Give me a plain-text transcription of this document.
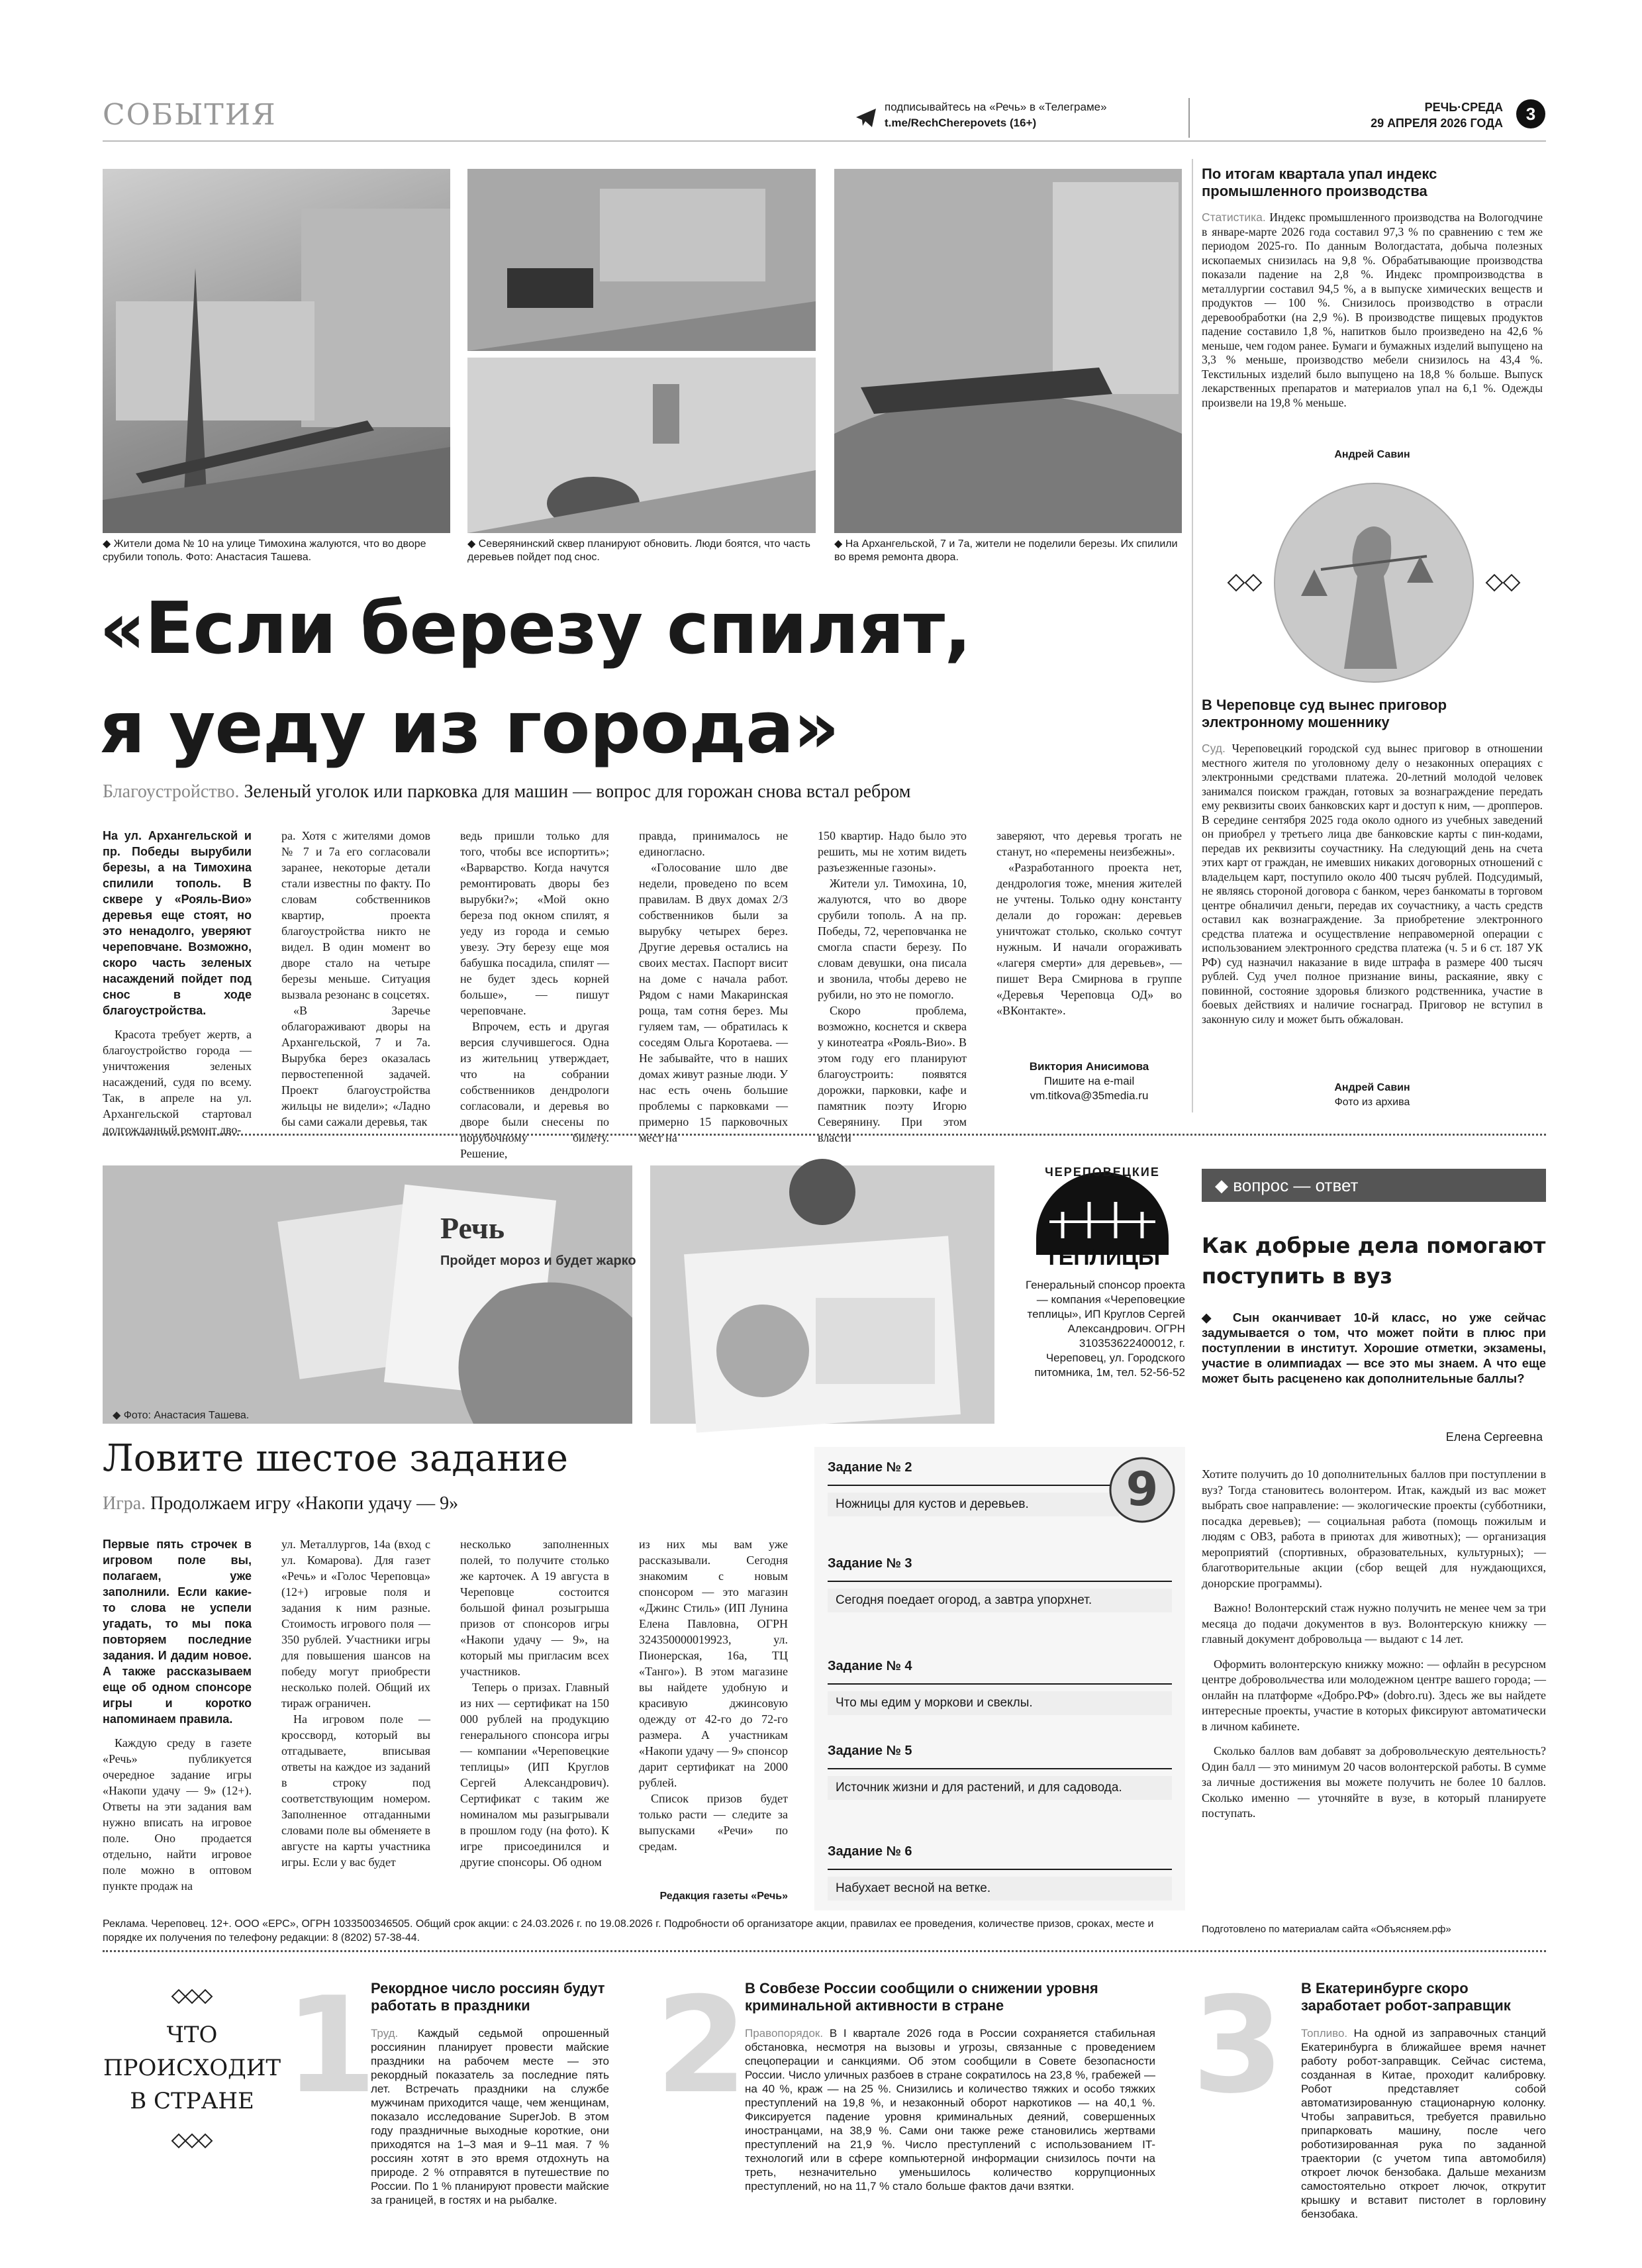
СОБЫТИЯ	подписывайтесь на «Речь» в «Телеграме»
t.me/RechCherepovets (16+)
РЕЧЬ·СРЕДА
29 АПРЕЛЯ 2026 ГОДА	3
◆ Жители дома № 10 на улице Тимохина жалуются, что во дворе срубили тополь. Фото: Анастасия Ташева.
◆ Северянинский сквер планируют обновить. Люди боятся, что часть деревьев пойдет под снос.
◆ На Архангельской, 7 и 7а, жители не поделили березы. Их спилили во время ремонта двора.
«Если березу спилят,
я уеду из города»
Благоустройство. Зеленый уголок или парковка для машин — вопрос для горожан снова встал ребром

На ул. Архангельской и пр. Победы вырубили березы, а на Тимохина спилили тополь. В сквере у «Рояль-Вио» деревья еще стоят, но это ненадолго, уверяют череповчане. Возможно, скоро часть зеленых насаждений пойдет под снос в ходе благоустройства.

Красота требует жертв, а благоустройство города — уничтожения зеленых насаждений, судя по всему. Так, в апреле на ул. Архангельской стартовал долгожданный ремонт дво-

ра. Хотя с жителями домов № 7 и 7а его согласовали заранее, некоторые детали стали известны по факту. По словам собственников квартир, проекта благоустройства никто не видел. В один момент во дворе стало на четыре березы меньше. Ситуация вызвала резонанс в соцсетях.

«В Заречье облагораживают дворы на Архангельской, 7 и 7а. Вырубка берез оказалась первостепенной задачей. Проект благоустройства жильцы не видели»; «Ладно бы сами сажали деревья, так

ведь пришли только для того, чтобы все испортить»; «Варварство. Когда начутся ремонтировать дворы без вырубки?»; «Мой окно береза под окном спилят, я уеду из города и семью увезу. Эту березу еще моя бабушка посадила, спилят — не будет здесь корней больше», — пишут череповчане.

Впрочем, есть и другая версия случившегося. Одна из жительниц утверждает, что на собрании собственников дендрологи согласовали, и деревья во дворе были снесены по порубочному билету. Решение,

правда, принималось не единогласно.

«Голосование шло две недели, проведено по всем правилам. В двух домах 2/3 собственников были за вырубку четырех берез. Другие деревья остались на своих местах. Паспорт висит на доме с начала работ. Рядом с нами Макаринская роща, там сотня берез. Мы гуляем там, — обратилась к соседям Ольга Коротаева. — Не забывайте, что в наших домах живут разные люди. У нас есть очень большие проблемы с парковками — примерно 15 парковочных мест на

150 квартир. Надо было это решить, мы не хотим видеть разъезженные газоны».

Жители ул. Тимохина, 10, жалуются, что во дворе срубили тополь. А на пр. Победы, 72, череповчанка не смогла спасти березу. По словам девушки, она писала и звонила, чтобы дерево не рубили, но это не помогло.

Скоро проблема, возможно, коснется и сквера у кинотеатра «Рояль-Вио». В этом году его планируют благоустроить: появятся дорожки, парковки, кафе и памятник поэту Игорю Северянину. При этом власти

заверяют, что деревья трогать не станут, но «перемены неизбежны».

«Разработанного проекта нет, дендрология тоже, мнения жителей не учтены. Только одну константу делали до горожан: деревьев уничтожат столько, сколько сочтут нужным. И начали огораживать «лагеря смерти» для деревьев», — пишет Вера Смирнова в группе «Деревья Череповца ОД» во «ВКонтакте».

Виктория Анисимова
Пишите на e-mail
vm.titkova@35media.ru
По итогам квартала упал индекс промышленного производства

Статистика. Индекс промышленного производства на Вологодчине в январе-марте 2026 года составил 97,3 % по сравнению с тем же периодом 2025-го. По данным Вологдастата, добыча полезных ископаемых снизилась на 9,8 %. Обрабатывающие производства показали падение на 2,8 %. Индекс промпроизводства в металлургии составил 94,5 %, а в выпуске химических веществ и продуктов — 100 %. Снизилось производство в отрасли деревообработки (на 2,9 %). В производстве пищевых продуктов падение составило 1,8 %, напитков было произведено на 42,6 % меньше, чем годом ранее. Бумаги и бумажных изделий выпущено на 3,3 % меньше, производство мебели снизилось на 43,4 %. Текстильных изделий было выпущено на 18,8 % больше. Выпуск лекарственных препаратов и материалов упал на 6,1 %. Одежды произвели на 19,8 % меньше.

Андрей Савин
В Череповце суд вынес приговор электронному мошеннику

Суд. Череповецкий городской суд вынес приговор в отношении местного жителя по уголовному делу о незаконных операциях с электронными средствами платежа. 20-летний молодой человек занимался поиском граждан, готовых за вознаграждение передать ему реквизиты своих банковских карт и доступ к ним, — дропперов. В середине сентября 2025 года около одного из учебных заведений он приобрел у третьего лица две банковские карты с пин-кодами, передав их реквизиты соучастнику. На следующий день на счета этих карт от граждан, не имевших никаких договорных отношений с владельцем карт, поступило около 400 тысяч рублей. Подсудимый, не являясь стороной договора с банком, через банкоматы в торговом центре обналичил деньги, передав их соучастнику, а часть средств оставил как вознаграждение. За приобретение электронного средства платежа и осуществление неправомерной операции с использованием электронного средства платежа (ч. 5 и 6 ст. 187 УК РФ) суд назначил наказание в виде штрафа в размере 400 тысяч рублей. Суд учел полное признание вины, раскаяние, явку с повинной, состояние здоровья близкого родственника, участие в боевых действиях и наличие госнаград. Приговор не вступил в законную силу и может быть обжалован.

Андрей Савин
Фото из архива
Речь
Пройдет мороз и будет жарко
◆ Фото: Анастасия Ташева.
ЧЕРЕПОВЕЦКИЕ
ТЕПЛИЦЫ
Генеральный спонсор проекта — компания «Череповецкие теплицы», ИП Круглов Сергей Александрович. ОГРН 310353622400012, г. Череповец, ул. Городского питомника, 1м, тел. 52-56-52
Ловите шестое задание
Игра. Продолжаем игру «Накопи удачу — 9»

Первые пять строчек в игровом поле вы, полагаем, уже заполнили. Если какие-то слова не успели угадать, то мы пока повторяем последние задания. И дадим новое. А также рассказываем еще об одном спонсоре игры и коротко напоминаем правила.

Каждую среду в газете «Речь» публикуется очередное задание игры «Накопи удачу — 9» (12+). Ответы на эти задания вам нужно вписать на игровое поле. Оно продается отдельно, найти игровое поле можно в оптовом пункте продаж на

ул. Металлургов, 14а (вход с ул. Комарова). Для газет «Речь» и «Голос Череповца» (12+) игровые поля и задания к ним разные. Стоимость игрового поля — 350 рублей. Участники игры для повышения шансов на победу могут приобрести несколько полей. Общий их тираж ограничен.

На игровом поле — кроссворд, который вы отгадываете, вписывая ответы на каждое из заданий в строку под соответствующим номером. Заполненное отгаданными словами поле вы обменяете в августе на карты участника игры. Если у вас будет

несколько заполненных полей, то получите столько же карточек. А 19 августа в Череповце состоится большой финал розыгрыша призов от спонсоров игры «Накопи удачу — 9», на который мы пригласим всех участников.

Теперь о призах. Главный из них — сертификат на 150 000 рублей на продукцию генерального спонсора игры — компании «Череповецкие теплицы» (ИП Круглов Сергей Александрович). Сертификат с таким же номиналом мы разыгрывали в прошлом году (на фото). К игре присоединился и другие спонсоры. Об одном

из них мы вам уже рассказывали. Сегодня знакомим с новым спонсором — это магазин «Джинс Стиль» (ИП Лунина Елена Павловна, ОГРН 324350000019923, ул. Пионерская, 16а, ТЦ «Танго»). В этом магазине вы найдете удобную и красивую джинсовую одежду от 42-го до 72-го размера. А участникам «Накопи удачу — 9» спонсор дарит сертификат на 2000 рублей.

Список призов будет только расти — следите за выпусками «Речи» по средам.

Редакция газеты «Речь»
Задание № 2
Ножницы для кустов и деревьев.
Задание № 3
Сегодня поедает огород, а завтра упорхнет.
Задание № 4
Что мы едим у моркови и свеклы.
Задание № 5
Источник жизни и для растений, и для садовода.
Задание № 6
Набухает весной на ветке.
9
Реклама. Череповец. 12+. ООО «ЕРС», ОГРН 1033500346505. Общий срок акции: с 24.03.2026 г. по 19.08.2026 г. Подробности об организаторе акции, правилах ее проведения, количестве призов, сроках, месте и порядке их получения по телефону редакции: 8 (8202) 57-38-44.
◆ вопрос — ответ
Как добрые дела помогают поступить в вуз
◆ Сын оканчивает 10-й класс, но уже сейчас задумывается о том, что может пойти в плюс при поступлении в институт. Хорошие отметки, экзамены, участие в олимпиадах — все это мы знаем. А что еще может быть расценено как дополнительные баллы?
Елена Сергеевна

Хотите получить до 10 дополнительных баллов при поступлении в вуз? Тогда становитесь волонтером. Итак, каждый из вас может выбрать свое направление: — экологические проекты (субботники, посадка деревьев); — социальная работа (помощь пожилым и людям с ОВЗ, работа в приютах для животных); — организация мероприятий (спортивных, образовательных, культурных); — благотворительные акции (сбор вещей для нуждающихся, донорские программы).

Важно! Волонтерский стаж нужно получить не менее чем за три месяца до подачи документов в вуз. Волонтерскую книжку — главный документ добровольца — выдают с 14 лет.

Оформить волонтерскую книжку можно: — офлайн в ресурсном центре добровольчества или молодежном центре вашего города; — онлайн на платформе «Добро.РФ» (dobro.ru). Здесь же вы найдете интересные проекты, участие в которых фиксируют автоматически в личном кабинете.

Сколько баллов вам добавят за добровольческую деятельность? Один балл — это минимум 20 часов волонтерской работы. В сумме за личные достижения вы можете получить не более 10 баллов. Сколько именно — уточняйте в вузе, в который планируете поступать.

Подготовлено по материалам сайта «Объясняем.рф»
ЧТО
ПРОИСХОДИТ
В СТРАНЕ 1
Рекордное число россиян будут работать в праздники
Труд. Каждый седьмой опрошенный россиянин планирует провести майские праздники на рабочем месте — это рекордный показатель за последние пять лет. Встречать праздники на службе мужчинам приходится чаще, чем женщинам, показало исследование SuperJob. В этом году праздничные выходные короткие, они приходятся на 1–3 мая и 9–11 мая. 7 % россиян хотят в это время отдохнуть на природе. 2 % отправятся в путешествие по России. По 1 % планируют провести майские за границей, в гостях и на рыбалке.
2
В Совбезе России сообщили о снижении уровня криминальной активности в стране
Правопорядок. В I квартале 2026 года в России сохраняется стабильная обстановка, несмотря на вызовы и угрозы, связанные с проведением спецоперации и санкциями. Об этом сообщили в Совете безопасности России. Число уличных разбоев в стране сократилось на 23,8 %, грабежей — на 40 %, краж — на 25 %. Снизились и количество тяжких и особо тяжких преступлений на 19,8 %, и незаконный оборот наркотиков — на 40,1 %. Фиксируется падение уровня криминальных деяний, совершенных иностранцами, на 38,9 %. Сами они также реже становились жертвами преступлений на 21,9 %. Число преступлений с использованием IT-технологий или в сфере компьютерной информации снизилось почти на треть, незначительно уменьшилось количество коррупционных преступлений, но на 11,7 % стало больше фактов дачи взятки.
3 В Екатеринбурге скоро заработает робот-заправщик
Топливо. На одной из заправочных станций Екатеринбурга в ближайшее время начнет работу робот-заправщик. Сейчас система, созданная в Китае, проходит калибровку. Робот представляет собой автоматизированную стационарную колонку. Чтобы заправиться, требуется правильно припарковать машину, после чего роботизированная рука по заданной траектории (с учетом типа автомобиля) откроет лючок бензобака. Дальше механизм самостоятельно откроет лючок, открутит крышку и вставит пистолет в горловину бензобака.
